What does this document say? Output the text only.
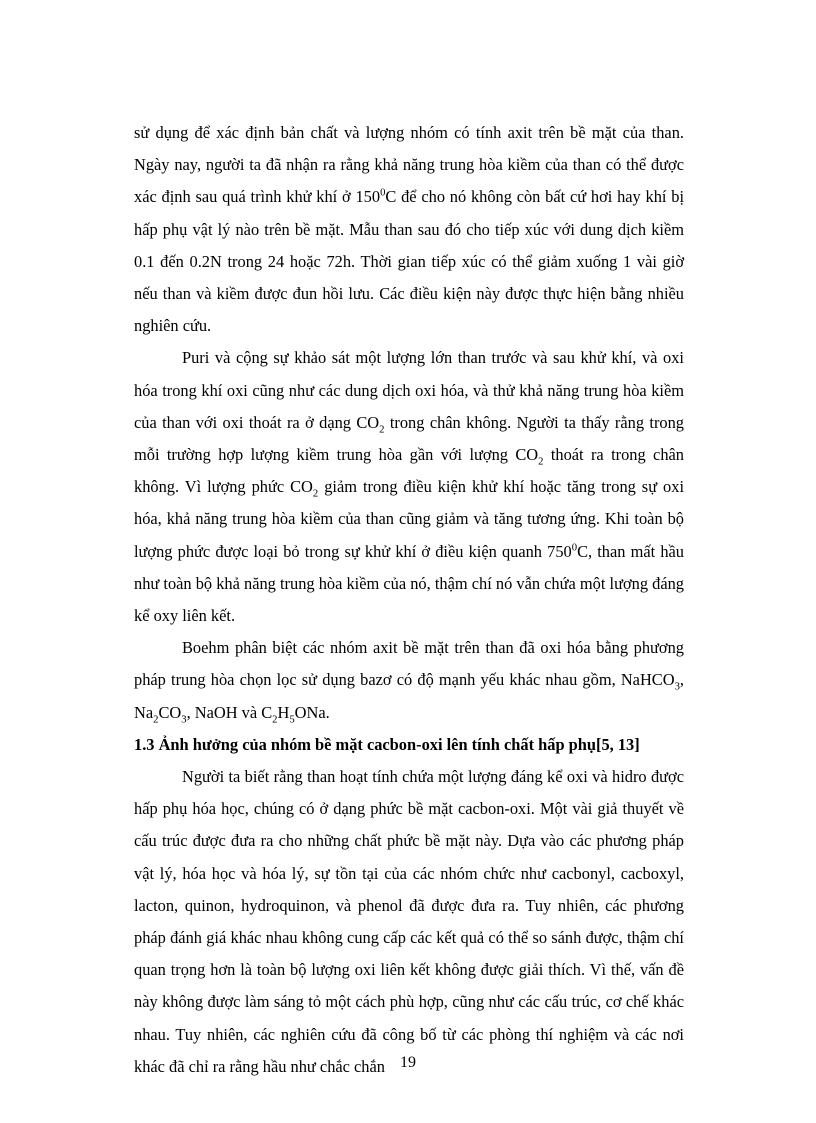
sử dụng để xác định bản chất và lượng nhóm có tính axit trên bề mặt của than. Ngày nay, người ta đã nhận ra rằng khả năng trung hòa kiềm của than có thể được xác định sau quá trình khử khí ở $150^0C$ để cho nó không còn bất cứ hơi hay khí bị hấp phụ vật lý nào trên bề mặt. Mẫu than sau đó cho tiếp xúc với dung dịch kiềm 0.1 đến 0.2N trong 24 hoặc 72h. Thời gian tiếp xúc có thể giảm xuống 1 vài giờ nếu than và kiềm được đun hồi lưu. Các điều kiện này được thực hiện bằng nhiều nghiên cứu.

Puri và cộng sự khảo sát một lượng lớn than trước và sau khử khí, và oxi hóa trong khí oxi cũng như các dung dịch oxi hóa, và thử khả năng trung hòa kiềm của than với oxi thoát ra ở dạng $CO_2$ trong chân không. Người ta thấy rằng trong mỗi trường hợp lượng kiềm trung hòa gần với lượng $CO_2$ thoát ra trong chân không. Vì lượng phức $CO_2$ giảm trong điều kiện khử khí hoặc tăng trong sự oxi hóa, khả năng trung hòa kiềm của than cũng giảm và tăng tương ứng. Khi toàn bộ lượng phức được loại bỏ trong sự khử khí ở điều kiện quanh $750^0C$, than mất hầu như toàn bộ khả năng trung hòa kiềm của nó, thậm chí nó vẫn chứa một lượng đáng kể oxy liên kết.

Boehm phân biệt các nhóm axit bề mặt trên than đã oxi hóa bằng phương pháp trung hòa chọn lọc sử dụng bazơ có độ mạnh yếu khác nhau gồm, NaHCO$_3$, $Na_2CO_3$, NaOH và $C_2H_5ONa$.

1.3 Ảnh hưởng của nhóm bề mặt cacbon-oxi lên tính chất hấp phụ[5, 13]

Người ta biết rằng than hoạt tính chứa một lượng đáng kể oxi và hidro được hấp phụ hóa học, chúng có ở dạng phức bề mặt cacbon-oxi. Một vài giả thuyết về cấu trúc được đưa ra cho những chất phức bề mặt này. Dựa vào các phương pháp vật lý, hóa học và hóa lý, sự tồn tại của các nhóm chức như cacbonyl, cacboxyl, lacton, quinon, hydroquinon, và phenol đã được đưa ra. Tuy nhiên, các phương pháp đánh giá khác nhau không cung cấp các kết quả có thể so sánh được, thậm chí quan trọng hơn là toàn bộ lượng oxi liên kết không được giải thích. Vì thế, vấn đề này không được làm sáng tỏ một cách phù hợp, cũng như các cấu trúc, cơ chế khác nhau. Tuy nhiên, các nghiên cứu đã công bố từ các phòng thí nghiệm và các nơi khác đã chỉ ra rằng hầu như chắc chắn 19
